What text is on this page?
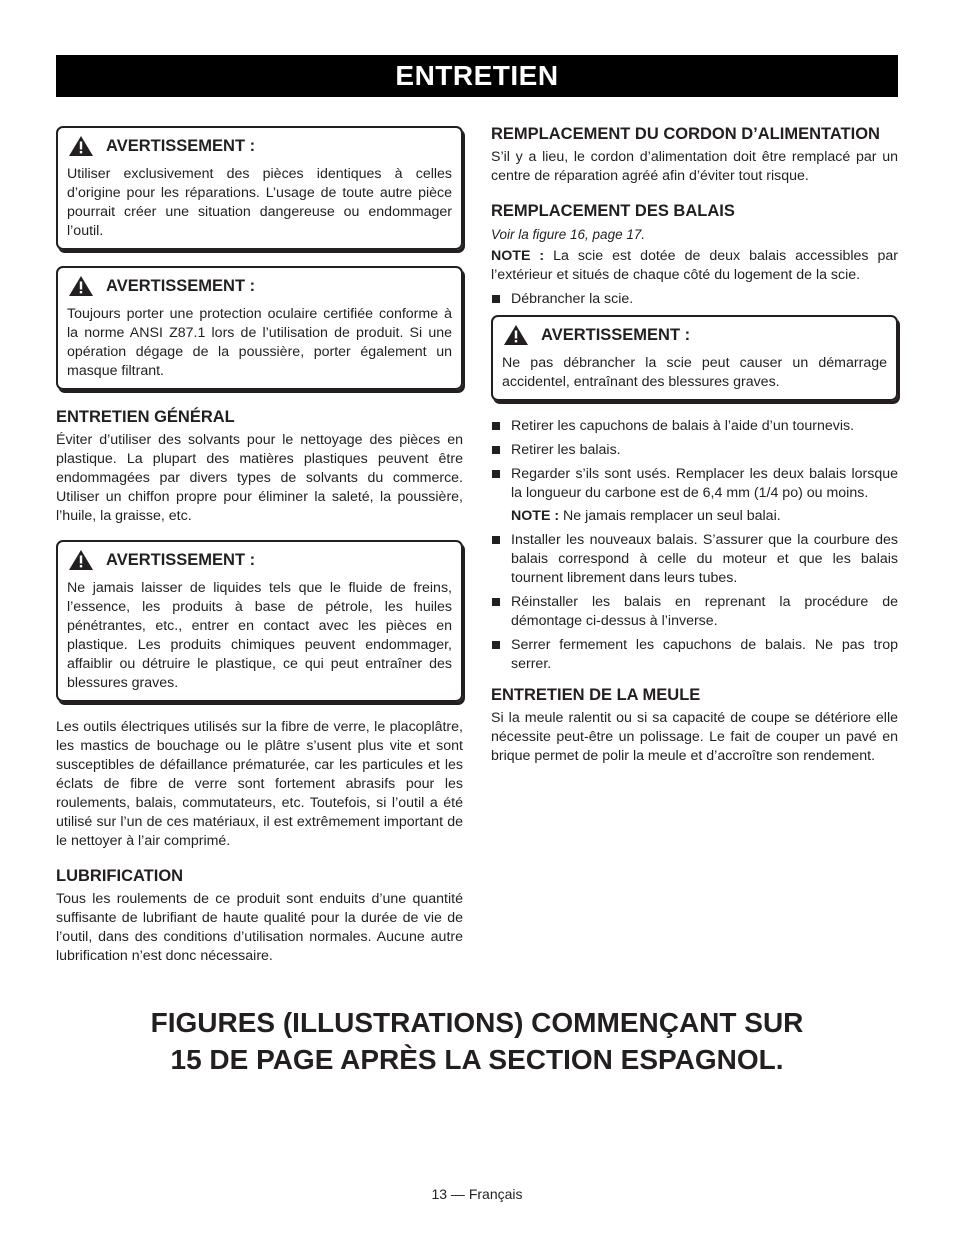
ENTRETIEN
AVERTISSEMENT :

Utiliser exclusivement des pièces identiques à celles d’origine pour les réparations. L’usage de toute autre pièce pourrait créer une situation dangereuse ou endommager l’outil.

AVERTISSEMENT :

Toujours porter une protection oculaire certifiée conforme à la norme ANSI Z87.1 lors de l’utilisation de produit. Si une opération dégage de la poussière, porter également un masque filtrant.

ENTRETIEN GÉNÉRAL

Éviter d’utiliser des solvants pour le nettoyage des pièces en plastique. La plupart des matières plastiques peuvent être endommagées par divers types de solvants du commerce. Utiliser un chiffon propre pour éliminer la saleté, la poussière, l’huile, la graisse, etc.

AVERTISSEMENT :

Ne jamais laisser de liquides tels que le fluide de freins, l’essence, les produits à base de pétrole, les huiles pénétrantes, etc., entrer en contact avec les pièces en plastique. Les produits chimiques peuvent endommager, affaiblir ou détruire le plastique, ce qui peut entraîner des blessures graves.

Les outils électriques utilisés sur la fibre de verre, le placoplâtre, les mastics de bouchage ou le plâtre s’usent plus vite et sont susceptibles de défaillance prématurée, car les particules et les éclats de fibre de verre sont fortement abrasifs pour les roulements, balais, commutateurs, etc. Toutefois, si l’outil a été utilisé sur l’un de ces matériaux, il est extrêmement important de le nettoyer à l’air comprimé.

LUBRIFICATION

Tous les roulements de ce produit sont enduits d’une quantité suffisante de lubrifiant de haute qualité pour la durée de vie de l’outil, dans des conditions d’utilisation normales. Aucune autre lubrification n’est donc nécessaire.

REMPLACEMENT DU CORDON D’ALIMENTATION

S’il y a lieu, le cordon d’alimentation doit être remplacé par un centre de réparation agréé afin d’éviter tout risque.

REMPLACEMENT DES BALAIS

Voir la figure 16, page 17.

NOTE : La scie est dotée de deux balais accessibles par l’extérieur et situés de chaque côté du logement de la scie.

Débrancher la scie.
AVERTISSEMENT :

Ne pas débrancher la scie peut causer un démarrage accidentel, entraînant des blessures graves.

Retirer les capuchons de balais à l’aide d’un tournevis.
Retirer les balais.
Regarder s’ils sont usés. Remplacer les deux balais lorsque la longueur du carbone est de 6,4 mm (1/4 po) ou moins.
NOTE : Ne jamais remplacer un seul balai.
Installer les nouveaux balais. S’assurer que la courbure des balais correspond à celle du moteur et que les balais tournent librement dans leurs tubes.
Réinstaller les balais en reprenant la procédure de démontage ci-dessus à l’inverse.
Serrer fermement les capuchons de balais. Ne pas trop serrer.
ENTRETIEN DE LA MEULE

Si la meule ralentit ou si sa capacité de coupe se détériore elle nécessite peut-être un polissage. Le fait de couper un pavé en brique permet de polir la meule et d’accroître son rendement.

FIGURES (ILLUSTRATIONS) COMMENÇANT SUR
15 DE PAGE APRÈS LA SECTION ESPAGNOL.
13 — Français
